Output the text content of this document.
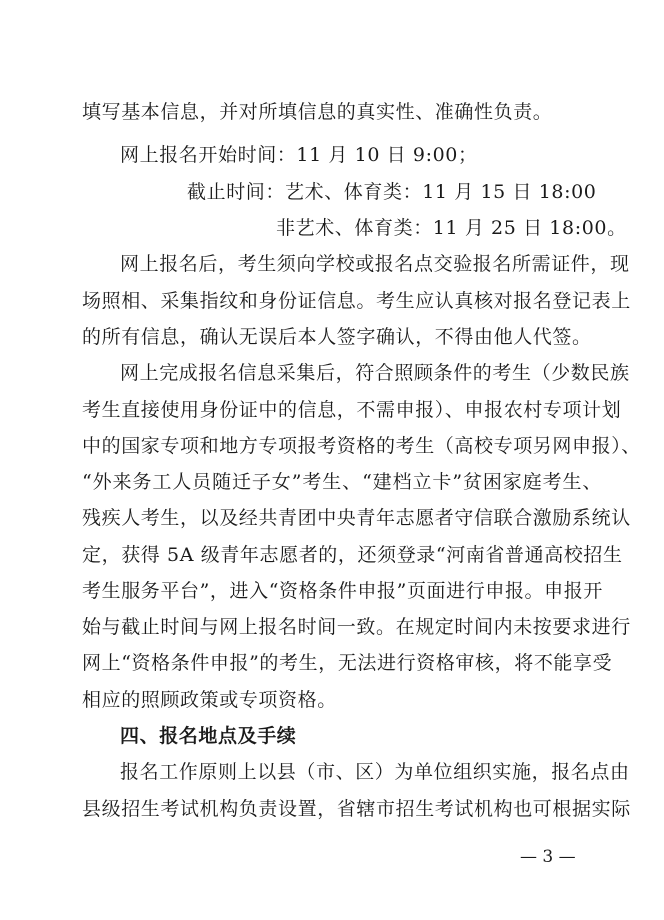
填写基本信息，并对所填信息的真实性、准确性负责。
网上报名开始时间：11 月 10 日 9:00；
截止时间：艺术、体育类：11 月 15 日 18:00
非艺术、体育类：11 月 25 日 18:00。
网上报名后，考生须向学校或报名点交验报名所需证件，现
场照相、采集指纹和身份证信息。考生应认真核对报名登记表上
的所有信息，确认无误后本人签字确认，不得由他人代签。
网上完成报名信息采集后，符合照顾条件的考生（少数民族
考生直接使用身份证中的信息，不需申报）、申报农村专项计划
中的国家专项和地方专项报考资格的考生（高校专项另网申报）、
“外来务工人员随迁子女”考生、“建档立卡”贫困家庭考生、
残疾人考生，以及经共青团中央青年志愿者守信联合激励系统认
定，获得 5A 级青年志愿者的，还须登录“河南省普通高校招生
考生服务平台”，进入“资格条件申报”页面进行申报。申报开
始与截止时间与网上报名时间一致。在规定时间内未按要求进行
网上“资格条件申报”的考生，无法进行资格审核，将不能享受
相应的照顾政策或专项资格。
四、报名地点及手续
报名工作原则上以县（市、区）为单位组织实施，报名点由
县级招生考试机构负责设置，省辖市招生考试机构也可根据实际
— 3 —
